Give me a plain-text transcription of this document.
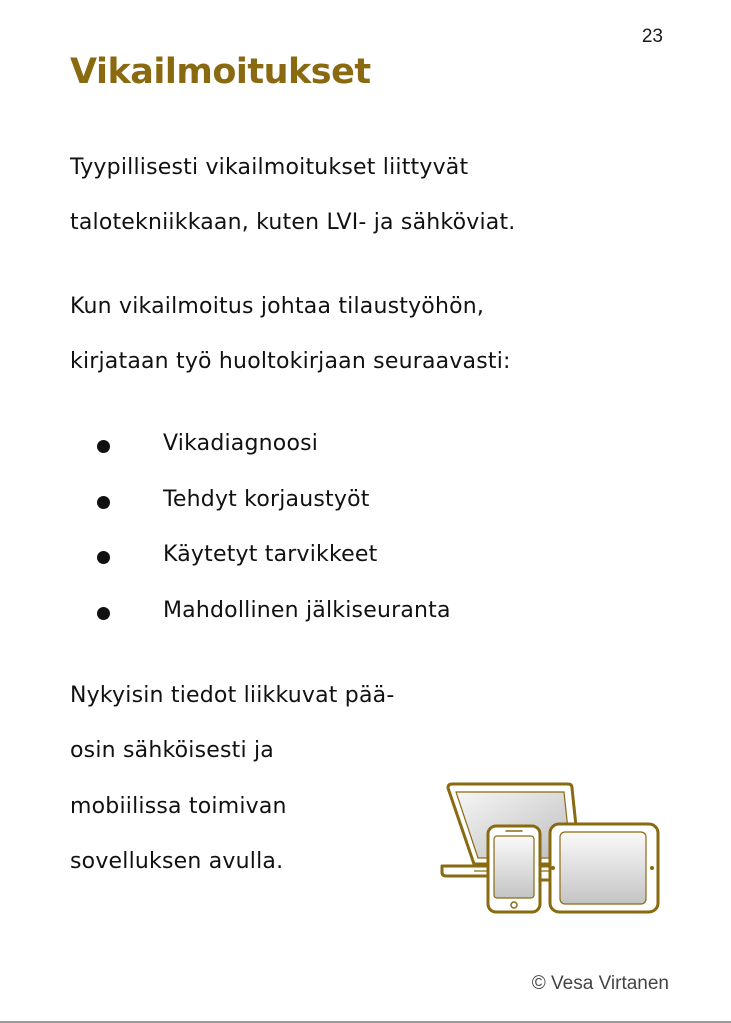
23
Vikailmoitukset

Tyypillisesti vikailmoitukset liittyvät

talotekniikkaan, kuten LVI- ja sähköviat.

Kun vikailmoitus johtaa tilaustyöhön,

kirjataan työ huoltokirjaan seuraavasti:

Vikadiagnoosi
Tehdyt korjaustyöt
Käytetyt tarvikkeet
Mahdollinen jälkiseuranta

Nykyisin tiedot liikkuvat pää-

osin sähköisesti ja

mobiilissa toimivan

sovelluksen avulla.

© Vesa Virtanen
